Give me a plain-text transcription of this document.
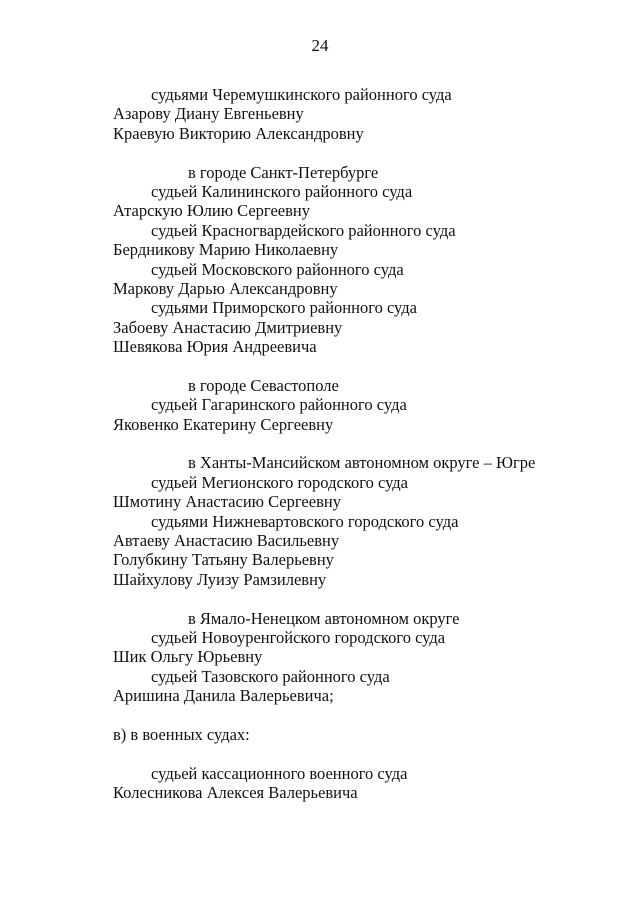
24
судьями Черемушкинского районного суда
Азарову Диану Евгеньевну
Краевую Викторию Александровну
в городе Санкт-Петербурге
судьей Калининского районного суда
Атарскую Юлию Сергеевну
судьей Красногвардейского районного суда
Бердникову Марию Николаевну
судьей Московского районного суда
Маркову Дарью Александровну
судьями Приморского районного суда
Забоеву Анастасию Дмитриевну
Шевякова Юрия Андреевича
в городе Севастополе
судьей Гагаринского районного суда
Яковенко Екатерину Сергеевну
в Ханты-Мансийском автономном округе – Югре
судьей Мегионского городского суда
Шмотину Анастасию Сергеевну
судьями Нижневартовского городского суда
Автаеву Анастасию Васильевну
Голубкину Татьяну Валерьевну
Шайхулову Луизу Рамзилевну
в Ямало-Ненецком автономном округе
судьей Новоуренгойского городского суда
Шик Ольгу Юрьевну
судьей Тазовского районного суда
Аришина Данила Валерьевича;
в) в военных судах:
судьей кассационного военного суда
Колесникова Алексея Валерьевича
